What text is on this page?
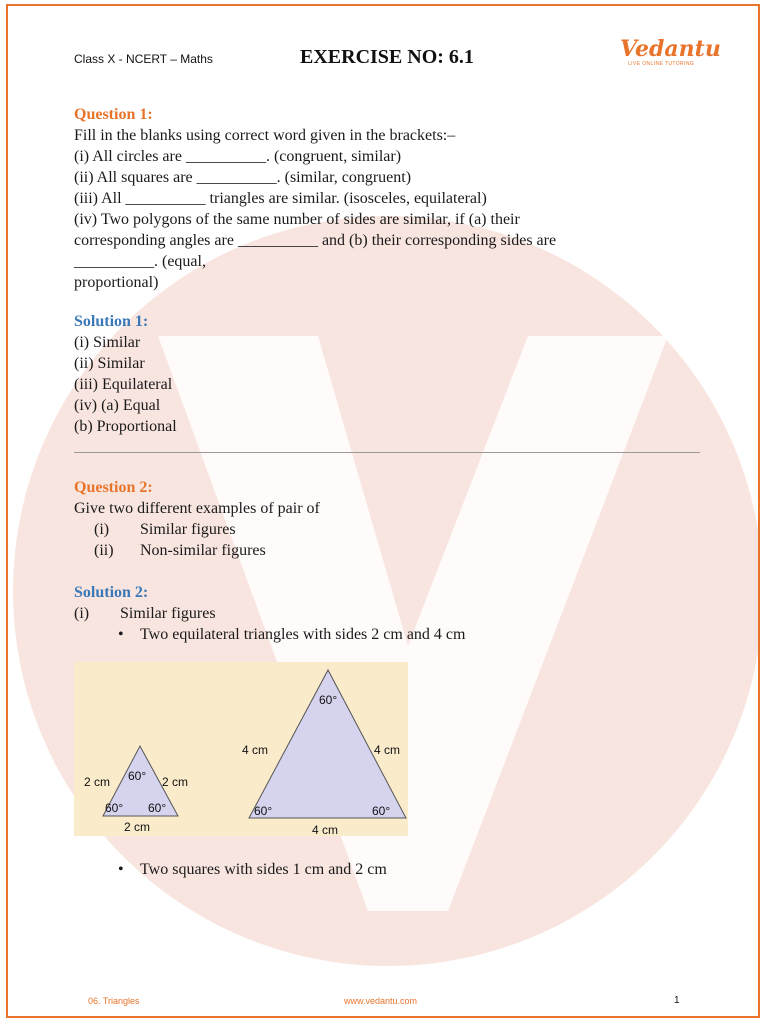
Class X - NCERT – Maths	EXERCISE NO: 6.1	Vedantu
LIVE ONLINE TUTORING
Question 1:
Fill in the blanks using correct word given in the brackets:‒
(i) All circles are __________. (congruent, similar)
(ii) All squares are __________. (similar, congruent)
(iii) All __________ triangles are similar. (isosceles, equilateral)
(iv) Two polygons of the same number of sides are similar, if (a) their
corresponding angles are __________ and (b) their corresponding sides are
__________. (equal,
proportional)
Solution 1:
(i) Similar
(ii) Similar
(iii) Equilateral
(iv) (a) Equal
(b) Proportional
Question 2:
Give two different examples of pair of
(i)	Similar figures
(ii)	Non-similar figures
Solution 2:
(i)	Similar figures
•	Two equilateral triangles with sides 2 cm and 4 cm
2 cm	2 cm
2 cm
60°
60° 60°
4 cm	4 cm
4 cm
60°
60°	60°
•	Two squares with sides 1 cm and 2 cm
06. Triangles	www.vedantu.com	1
